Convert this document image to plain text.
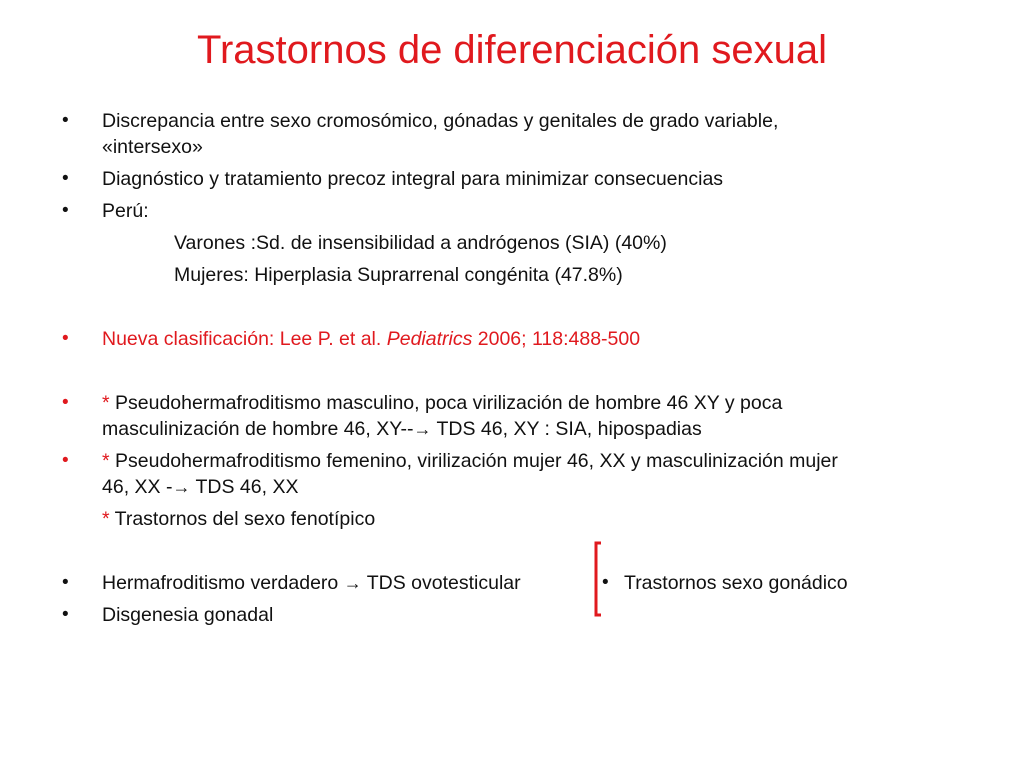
Trastornos de diferenciación sexual
• Discrepancia entre sexo cromosómico, gónadas y genitales de grado variable,
«intersexo»
• Diagnóstico y tratamiento precoz integral para minimizar consecuencias
• Perú:
Varones :Sd. de insensibilidad a andrógenos (SIA) (40%)
Mujeres: Hiperplasia Suprarrenal congénita (47.8%)
• Nueva clasificación: Lee P. et al. Pediatrics 2006; 118:488-500
• * Pseudohermafroditismo masculino, poca virilización de hombre 46 XY y poca
masculinización de hombre 46, XY--→ TDS 46, XY : SIA, hipospadias
• * Pseudohermafroditismo femenino, virilización mujer 46, XX y masculinización mujer
46, XX -→ TDS 46, XX
* Trastornos del sexo fenotípico
• Hermafroditismo verdadero → TDS ovotesticular	• Trastornos sexo gonádico
• Disgenesia gonadal
